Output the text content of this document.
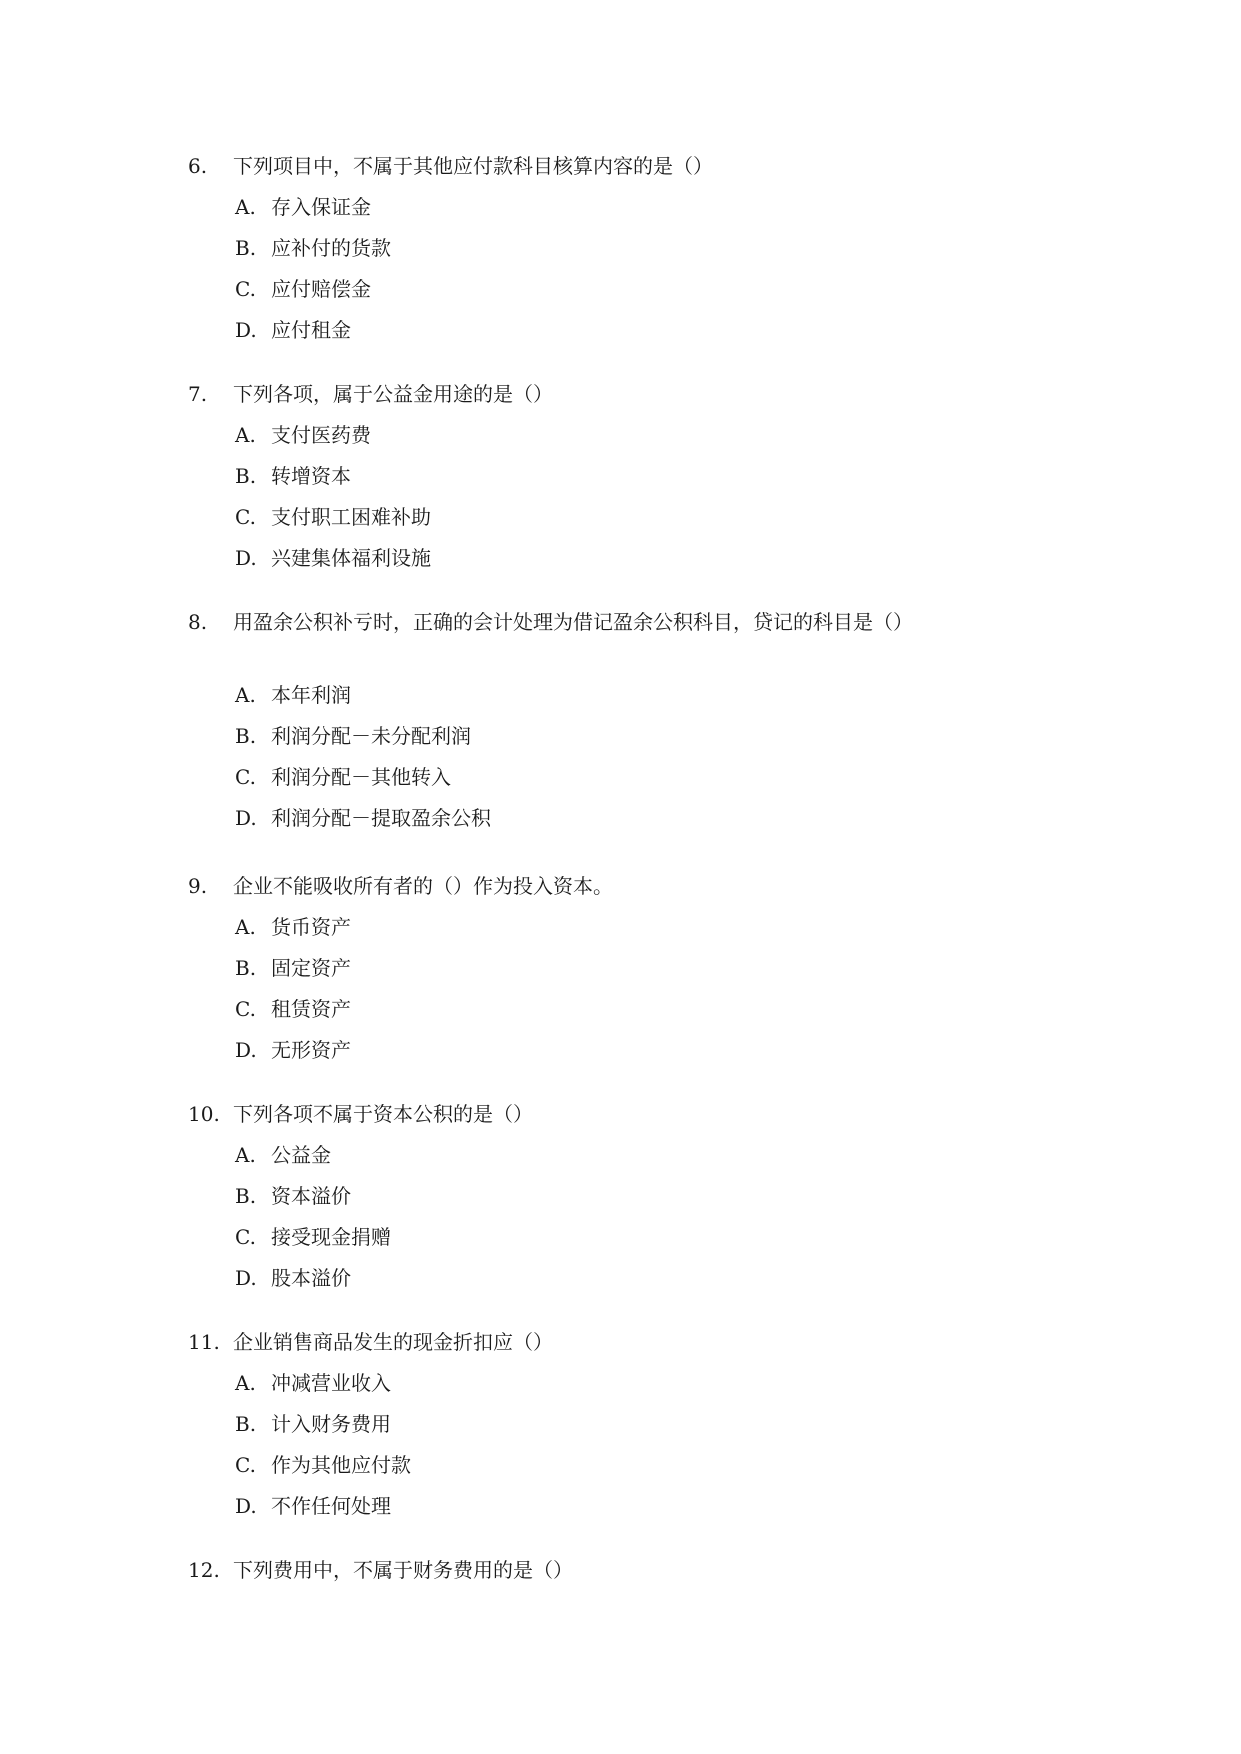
6. 下列项目中，不属于其他应付款科目核算内容的是（）
A. 存入保证金
B. 应补付的货款
C. 应付赔偿金
D. 应付租金
7. 下列各项，属于公益金用途的是（）
A. 支付医药费
B. 转增资本
C. 支付职工困难补助
D. 兴建集体福利设施
8. 用盈余公积补亏时，正确的会计处理为借记盈余公积科目，贷记的科目是（）
A. 本年利润
B. 利润分配－未分配利润
C. 利润分配－其他转入
D. 利润分配－提取盈余公积
9. 企业不能吸收所有者的（）作为投入资本。
A. 货币资产
B. 固定资产
C. 租赁资产
D. 无形资产
10. 下列各项不属于资本公积的是（）
A. 公益金
B. 资本溢价
C. 接受现金捐赠
D. 股本溢价
11. 企业销售商品发生的现金折扣应（）
A. 冲减营业收入
B. 计入财务费用
C. 作为其他应付款
D. 不作任何处理
12. 下列费用中，不属于财务费用的是（）
